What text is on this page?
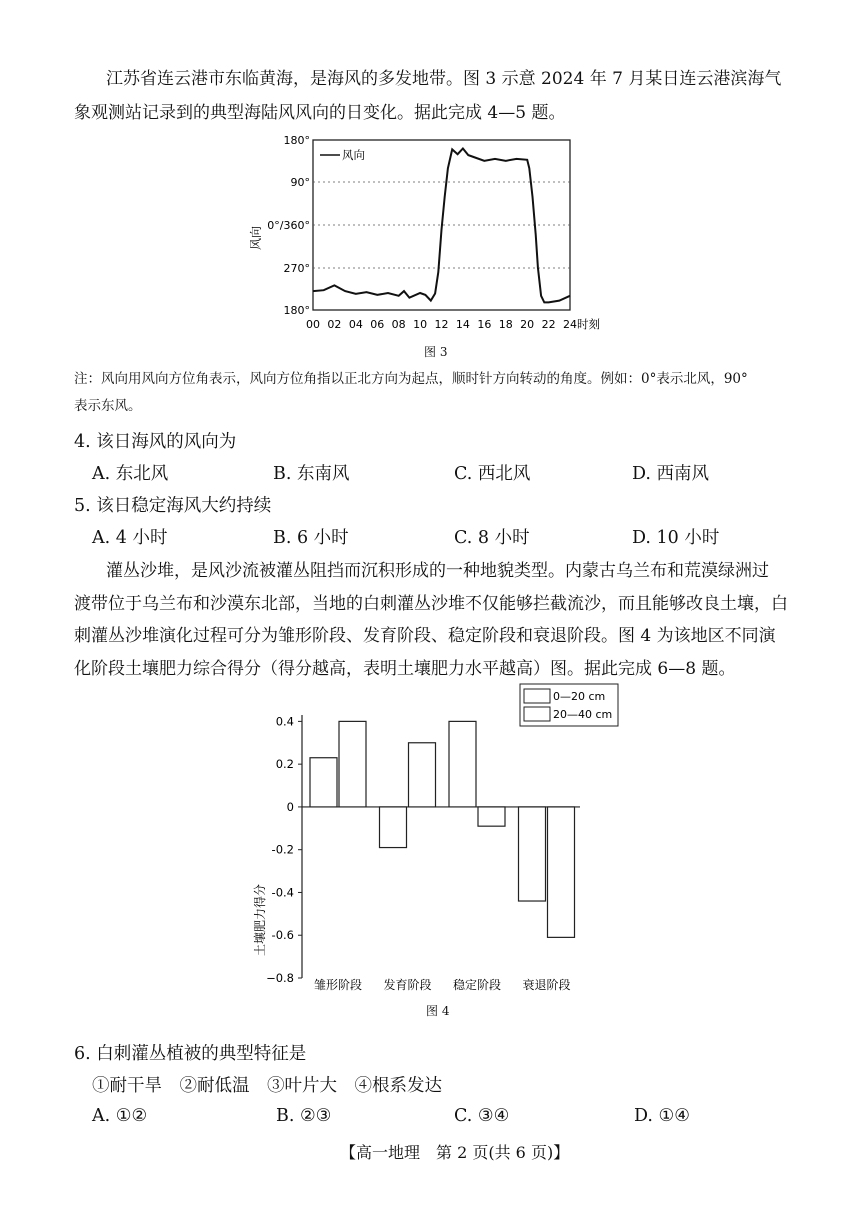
江苏省连云港市东临黄海，是海风的多发地带。图 3 示意 2024 年 7 月某日连云港滨海气
象观测站记录到的典型海陆风风向的日变化。据此完成 4—5 题。
180°
90°
0°/360°
270°
180°
风向
00 02 04 06 08 10 12 14 16 18 20 22 24 时刻
风向
图 3
注：风向用风向方位角表示，风向方位角指以正北方向为起点，顺时针方向转动的角度。例如：0°表示北风，90°
表示东风。
4. 该日海风的风向为
A. 东北风	B. 东南风	C. 西北风	D. 西南风
5. 该日稳定海风大约持续
A. 4 小时	B. 6 小时	C. 8 小时	D. 10 小时
灌丛沙堆，是风沙流被灌丛阻挡而沉积形成的一种地貌类型。内蒙古乌兰布和荒漠绿洲过
渡带位于乌兰布和沙漠东北部，当地的白刺灌丛沙堆不仅能够拦截流沙，而且能够改良土壤，白
刺灌丛沙堆演化过程可分为雏形阶段、发育阶段、稳定阶段和衰退阶段。图 4 为该地区不同演
化阶段土壤肥力综合得分（得分越高，表明土壤肥力水平越高）图。据此完成 6—8 题。
0—20 cm
20—40 cm
0.4
0.2
0
-0.2
-0.4
-0.6
−0.8
土壤肥力得分
雏形阶段 发育阶段 稳定阶段 衰退阶段
图 4
6. 白刺灌丛植被的典型特征是
①耐干旱　②耐低温　③叶片大　④根系发达
A. ①②	B. ②③	C. ③④	D. ①④
【高一地理　第 2 页(共 6 页)】
